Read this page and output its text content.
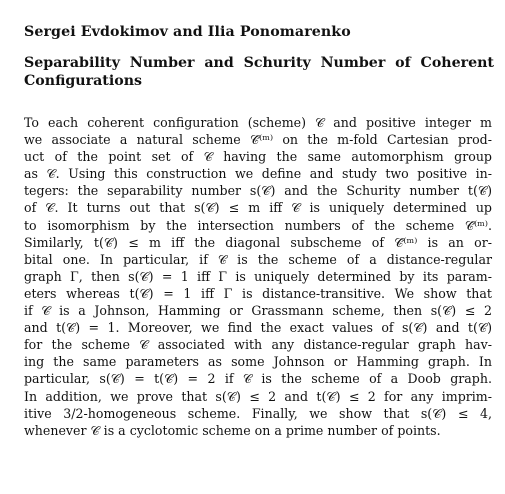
Sergei Evdokimov and Ilia Ponomarenko
Separability Number and Schurity Number of Coherent
Configurations
To each coherent configuration (scheme) 𝒞 and positive integer m
we associate a natural scheme 𝒞̂⁽ᵐ⁾ on the m-fold Cartesian prod-
uct of the point set of 𝒞 having the same automorphism group
as 𝒞. Using this construction we define and study two positive in-
tegers: the separability number s(𝒞) and the Schurity number t(𝒞)
of 𝒞. It turns out that s(𝒞) ≤ m iff 𝒞 is uniquely determined up
to isomorphism by the intersection numbers of the scheme 𝒞̂⁽ᵐ⁾.
Similarly, t(𝒞) ≤ m iff the diagonal subscheme of 𝒞̂⁽ᵐ⁾ is an or-
bital one. In particular, if 𝒞 is the scheme of a distance-regular
graph Γ, then s(𝒞) = 1 iff Γ is uniquely determined by its param-
eters whereas t(𝒞) = 1 iff Γ is distance-transitive. We show that
if 𝒞 is a Johnson, Hamming or Grassmann scheme, then s(𝒞) ≤ 2
and t(𝒞) = 1. Moreover, we find the exact values of s(𝒞) and t(𝒞)
for the scheme 𝒞 associated with any distance-regular graph hav-
ing the same parameters as some Johnson or Hamming graph. In
particular, s(𝒞) = t(𝒞) = 2 if 𝒞 is the scheme of a Doob graph.
In addition, we prove that s(𝒞) ≤ 2 and t(𝒞) ≤ 2 for any imprim-
itive 3/2-homogeneous scheme. Finally, we show that s(𝒞) ≤ 4,
whenever 𝒞 is a cyclotomic scheme on a prime number of points.
